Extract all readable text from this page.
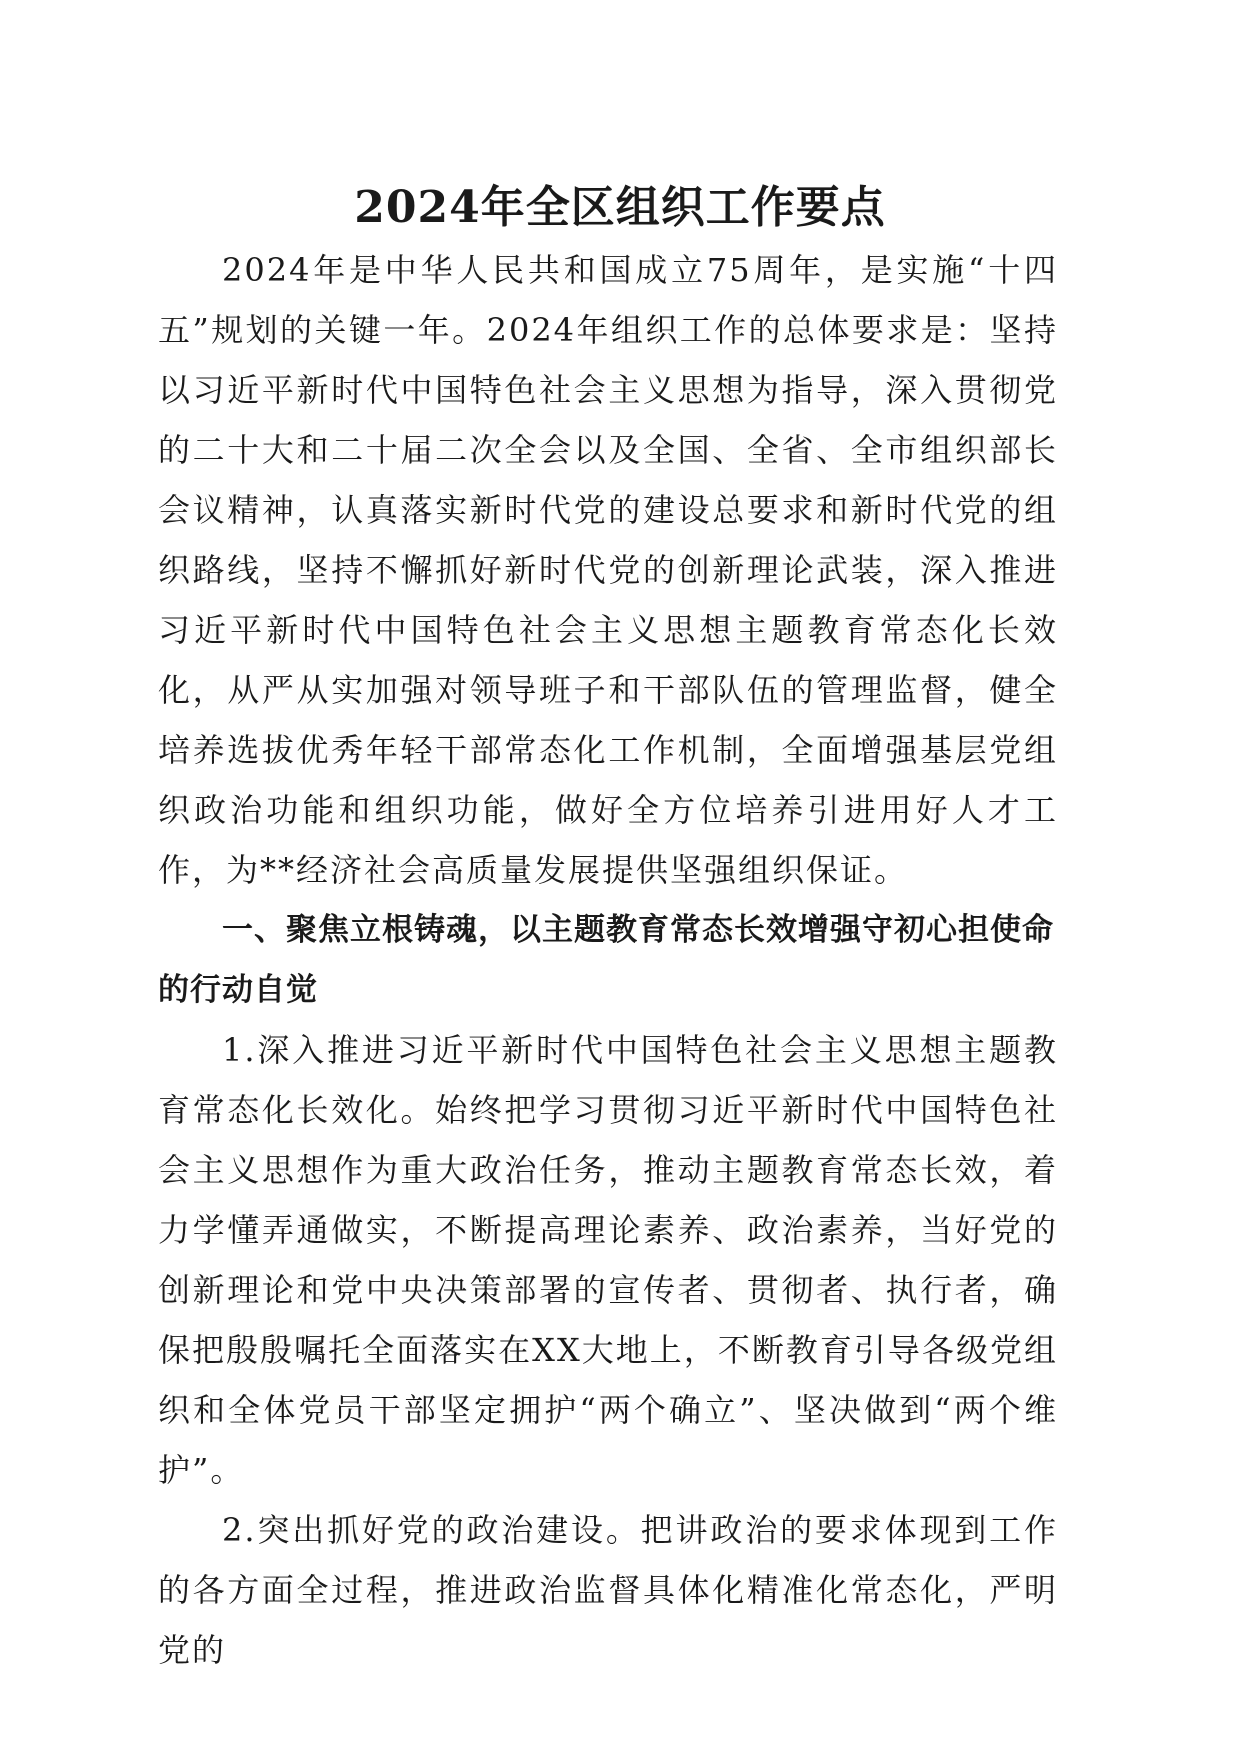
2024年全区组织工作要点

2024年是中华人民共和国成立75周年，是实施“十四五”规划的关键一年。2024年组织工作的总体要求是：坚持以习近平新时代中国特色社会主义思想为指导，深入贯彻党的二十大和二十届二次全会以及全国、全省、全市组织部长会议精神，认真落实新时代党的建设总要求和新时代党的组织路线，坚持不懈抓好新时代党的创新理论武装，深入推进习近平新时代中国特色社会主义思想主题教育常态化长效化，从严从实加强对领导班子和干部队伍的管理监督，健全培养选拔优秀年轻干部常态化工作机制，全面增强基层党组织政治功能和组织功能，做好全方位培养引进用好人才工作，为**经济社会高质量发展提供坚强组织保证。

一、聚焦立根铸魂，以主题教育常态长效增强守初心担使命的行动自觉

1.深入推进习近平新时代中国特色社会主义思想主题教育常态化长效化。始终把学习贯彻习近平新时代中国特色社会主义思想作为重大政治任务，推动主题教育常态长效，着力学懂弄通做实，不断提高理论素养、政治素养，当好党的创新理论和党中央决策部署的宣传者、贯彻者、执行者，确保把殷殷嘱托全面落实在XX大地上，不断教育引导各级党组织和全体党员干部坚定拥护“两个确立”、坚决做到“两个维护”。

2.突出抓好党的政治建设。把讲政治的要求体现到工作的各方面全过程，推进政治监督具体化精准化常态化，严明党的
